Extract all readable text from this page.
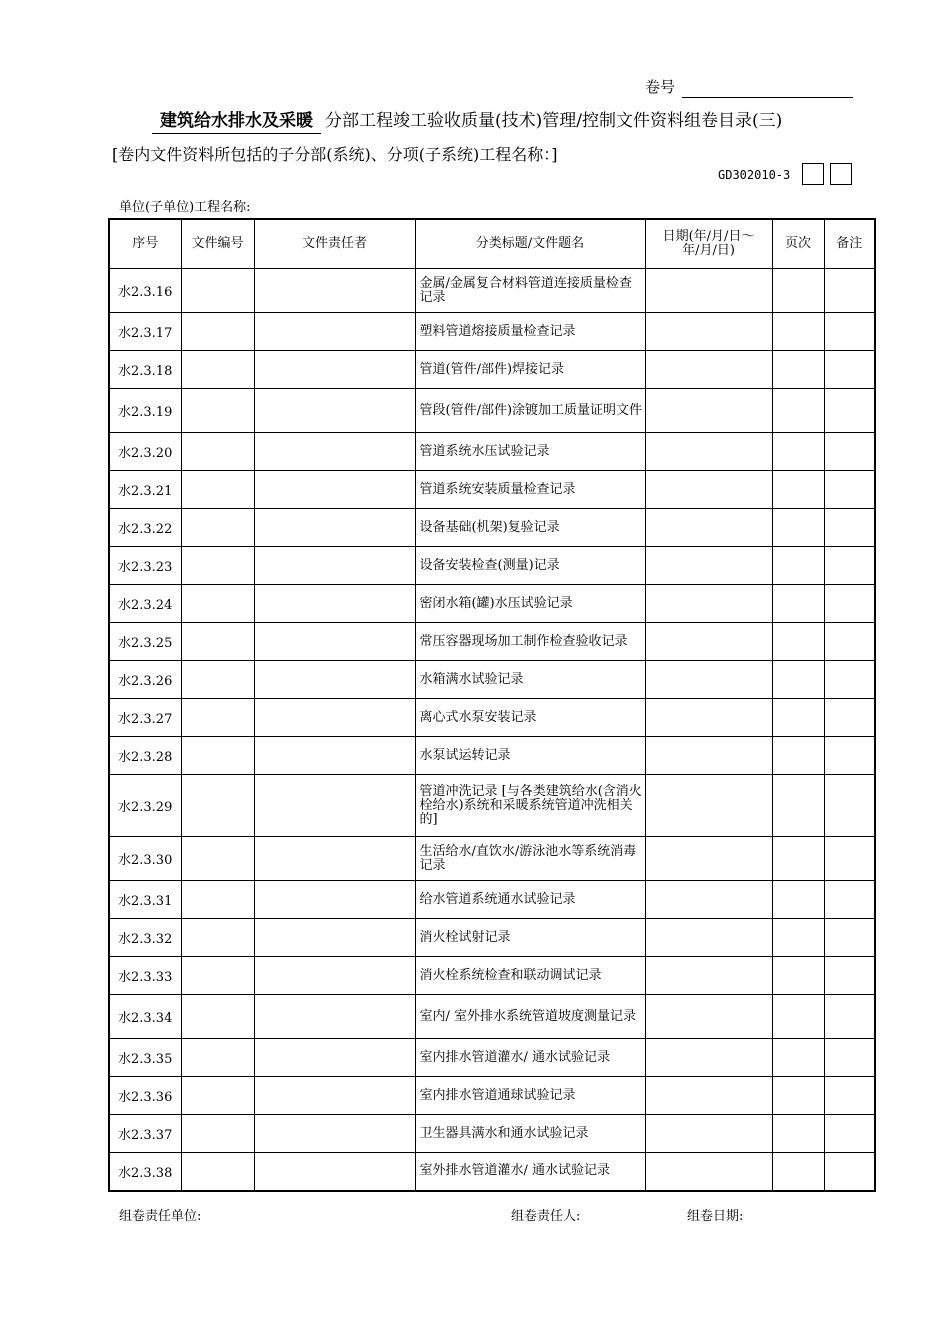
卷号
建筑给水排水及采暖 分部工程竣工验收质量(技术)管理/控制文件资料组卷目录(三)
[卷内文件资料所包括的子分部(系统)、分项(子系统)工程名称：]
GD302010-3
单位(子单位)工程名称:
序号	文件编号	文件责任者	分类标题/文件题名	日期(年/月/日～年/月/日)	页次	备注
水2.3.16			金属/金属复合材料管道连接质量检查记录			
水2.3.17			塑料管道熔接质量检查记录			
水2.3.18			管道(管件/部件)焊接记录			
水2.3.19			管段(管件/部件)涂镀加工质量证明文件			
水2.3.20			管道系统水压试验记录			
水2.3.21			管道系统安装质量检查记录			
水2.3.22			设备基础(机架)复验记录			
水2.3.23			设备安装检查(测量)记录			
水2.3.24			密闭水箱(罐)水压试验记录			
水2.3.25			常压容器现场加工制作检查验收记录			
水2.3.26			水箱满水试验记录			
水2.3.27			离心式水泵安装记录			
水2.3.28			水泵试运转记录			
水2.3.29			管道冲洗记录 [与各类建筑给水(含消火栓给水)系统和采暖系统管道冲洗相关的]			
水2.3.30			生活给水/直饮水/游泳池水等系统消毒记录			
水2.3.31			给水管道系统通水试验记录			
水2.3.32			消火栓试射记录			
水2.3.33			消火栓系统检查和联动调试记录			
水2.3.34			室内/ 室外排水系统管道坡度测量记录			
水2.3.35			室内排水管道灌水/ 通水试验记录			
水2.3.36			室内排水管道通球试验记录			
水2.3.37			卫生器具满水和通水试验记录			
水2.3.38			室外排水管道灌水/ 通水试验记录			
组卷责任单位:	组卷责任人:	组卷日期:
